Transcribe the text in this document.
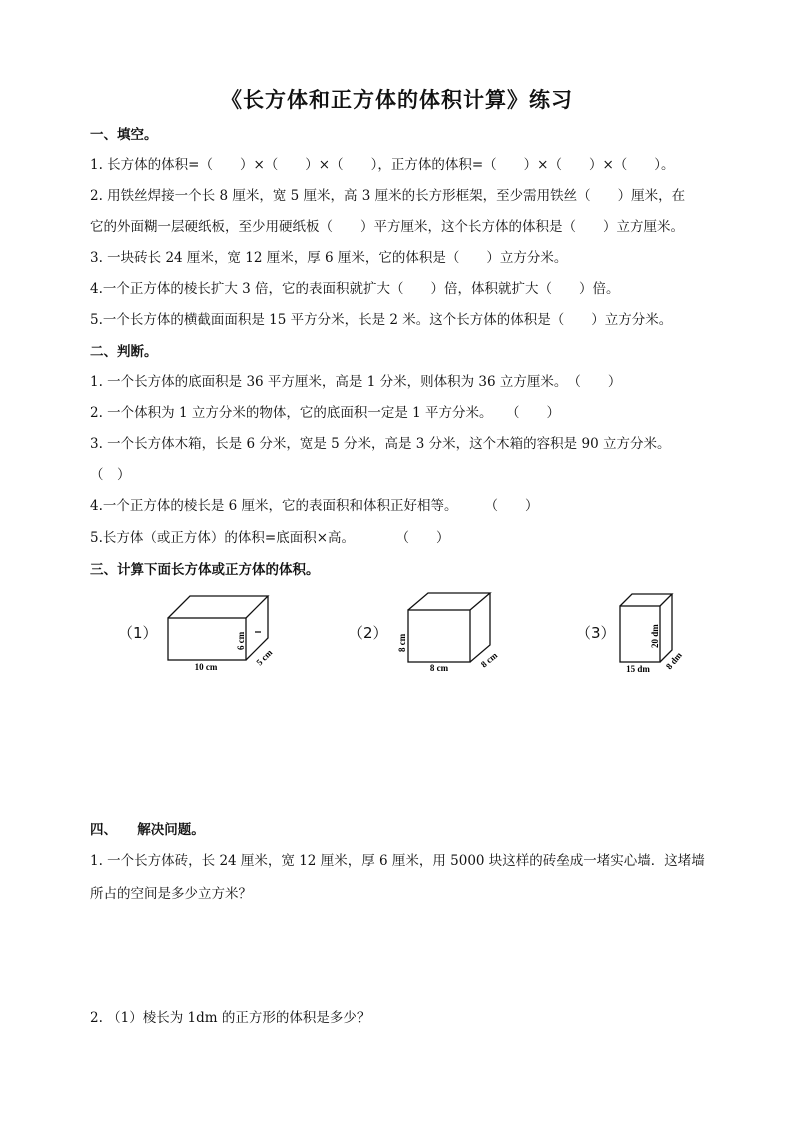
《长方体和正方体的体积计算》练习
一、填空。
1. 长方体的体积=（　　）×（　　）×（　　），正方体的体积=（　　）×（　　）×（　　）。
2. 用铁丝焊接一个长 8 厘米，宽 5 厘米，高 3 厘米的长方形框架，至少需用铁丝（　　）厘米，在
它的外面糊一层硬纸板，至少用硬纸板（　　）平方厘米，这个长方体的体积是（　　）立方厘米。
3. 一块砖长 24 厘米，宽 12 厘米，厚 6 厘米，它的体积是（　　）立方分米。
4.一个正方体的棱长扩大 3 倍，它的表面积就扩大（　　）倍，体积就扩大（　　）倍。
5.一个长方体的横截面面积是 15 平方分米，长是 2 米。这个长方体的体积是（　　）立方分米。
二、判断。
1. 一个长方体的底面积是 36 平方厘米，高是 1 分米，则体积为 36 立方厘米。　（　　）
2. 一个体积为 1 立方分米的物体，它的底面积一定是 1 平方分米。　　（　　）
3. 一个长方体木箱，长是 6 分米，宽是 5 分米，高是 3 分米，这个木箱的容积是 90 立方分米。
（　）
4.一个正方体的棱长是 6 厘米，它的表面积和体积正好相等。　　　（　　）
5.长方体（或正方体）的体积=底面积×高。　　　　（　　）
三、计算下面长方体或正方体的体积。
（1）
10 cm
6 cm
5 cm
（2）
8 cm
8 cm
8 cm
（3）
15 dm
20 dm
8 dm
四、　　解决问题。
1. 一个长方体砖，长 24 厘米，宽 12 厘米，厚 6 厘米，用 5000 块这样的砖垒成一堵实心墙．这堵墙
所占的空间是多少立方米？
2. （1）棱长为 1dm 的正方形的体积是多少？
